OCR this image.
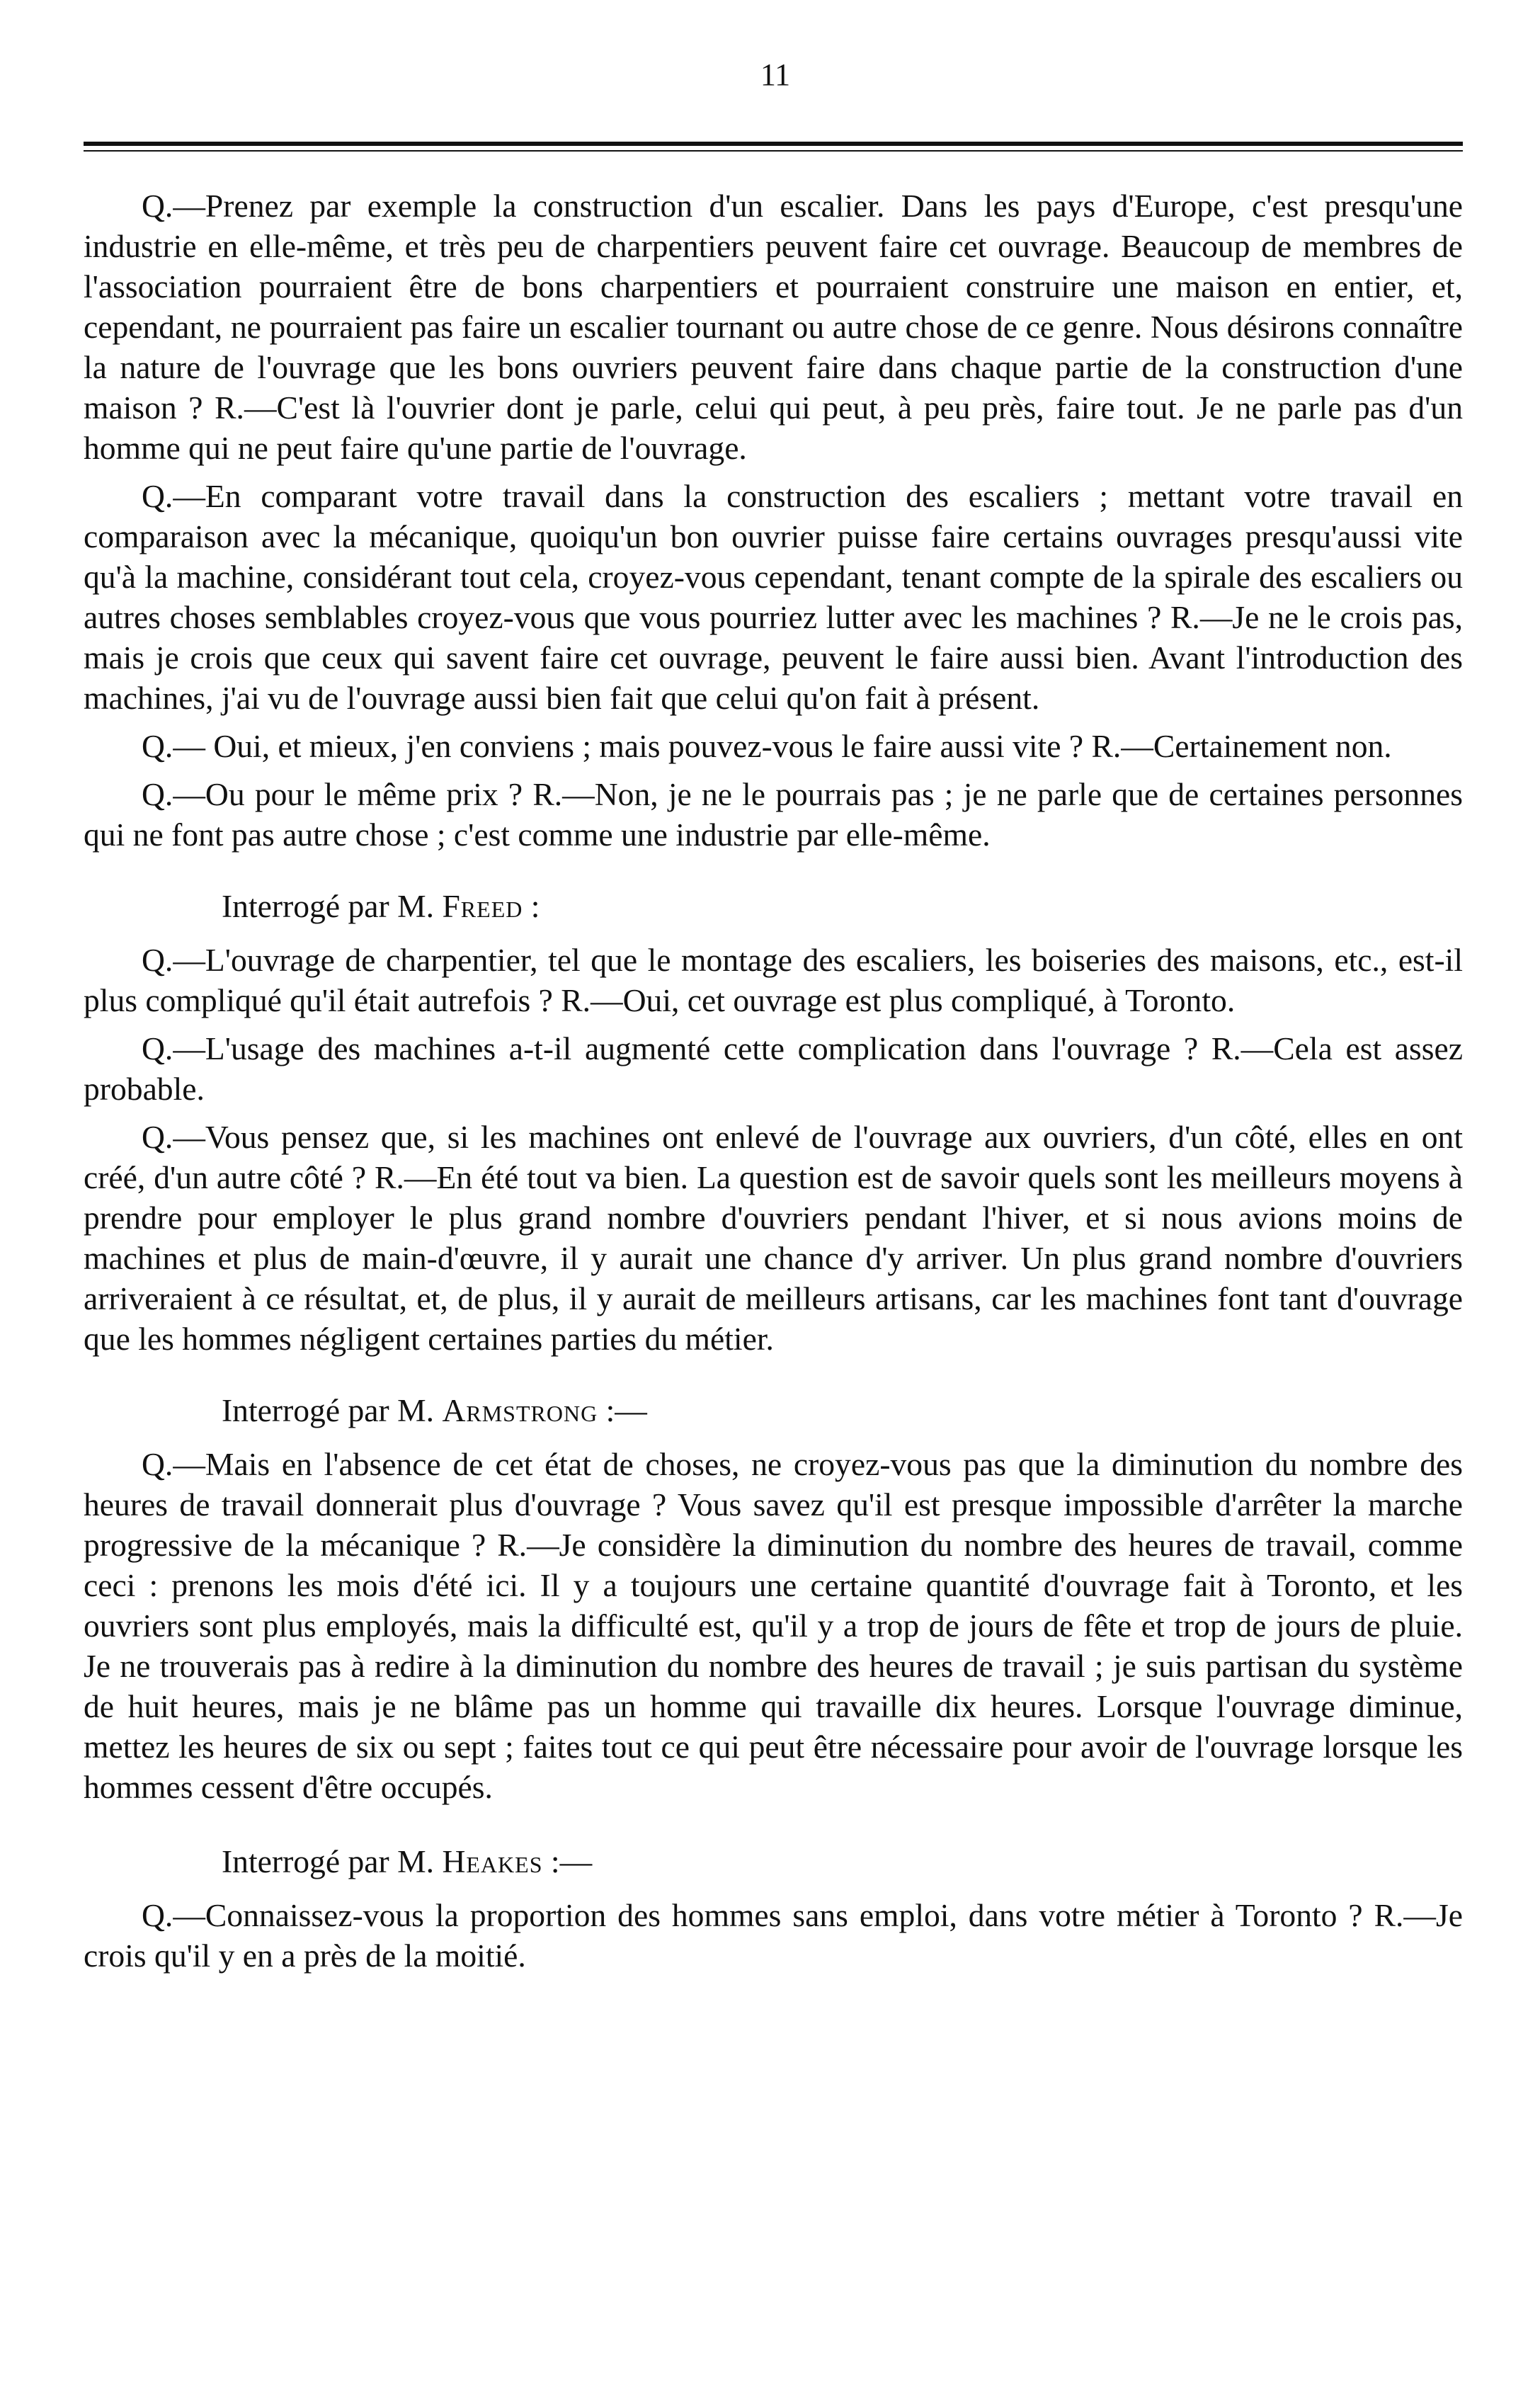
11

Q.—Prenez par exemple la construction d'un escalier. Dans les pays d'Europe, c'est presqu'une industrie en elle-même, et très peu de charpentiers peuvent faire cet ouvrage. Beaucoup de membres de l'association pourraient être de bons charpentiers et pourraient construire une maison en entier, et, cependant, ne pourraient pas faire un escalier tournant ou autre chose de ce genre. Nous désirons connaître la nature de l'ouvrage que les bons ouvriers peuvent faire dans chaque partie de la construction d'une maison ? R.—C'est là l'ouvrier dont je parle, celui qui peut, à peu près, faire tout. Je ne parle pas d'un homme qui ne peut faire qu'une partie de l'ouvrage.

Q.—En comparant votre travail dans la construction des escaliers ; mettant votre travail en comparaison avec la mécanique, quoiqu'un bon ouvrier puisse faire certains ouvrages presqu'aussi vite qu'à la machine, considérant tout cela, croyez-vous cependant, tenant compte de la spirale des escaliers ou autres choses semblables croyez-vous que vous pourriez lutter avec les machines ? R.—Je ne le crois pas, mais je crois que ceux qui savent faire cet ouvrage, peuvent le faire aussi bien. Avant l'introduction des machines, j'ai vu de l'ouvrage aussi bien fait que celui qu'on fait à présent.

Q.— Oui, et mieux, j'en conviens ; mais pouvez-vous le faire aussi vite ? R.—Certainement non.

Q.—Ou pour le même prix ? R.—Non, je ne le pourrais pas ; je ne parle que de certaines personnes qui ne font pas autre chose ; c'est comme une industrie par elle-même.

Interrogé par M. Freed :

Q.—L'ouvrage de charpentier, tel que le montage des escaliers, les boiseries des maisons, etc., est-il plus compliqué qu'il était autrefois ? R.—Oui, cet ouvrage est plus compliqué, à Toronto.

Q.—L'usage des machines a-t-il augmenté cette complication dans l'ouvrage ? R.—Cela est assez probable.

Q.—Vous pensez que, si les machines ont enlevé de l'ouvrage aux ouvriers, d'un côté, elles en ont créé, d'un autre côté ? R.—En été tout va bien. La question est de savoir quels sont les meilleurs moyens à prendre pour employer le plus grand nombre d'ouvriers pendant l'hiver, et si nous avions moins de machines et plus de main-d'œuvre, il y aurait une chance d'y arriver. Un plus grand nombre d'ouvriers arriveraient à ce résultat, et, de plus, il y aurait de meilleurs artisans, car les machines font tant d'ouvrage que les hommes négligent certaines parties du métier.

Interrogé par M. Armstrong :—

Q.—Mais en l'absence de cet état de choses, ne croyez-vous pas que la diminution du nombre des heures de travail donnerait plus d'ouvrage ? Vous savez qu'il est presque impossible d'arrêter la marche progressive de la mécanique ? R.—Je considère la diminution du nombre des heures de travail, comme ceci : prenons les mois d'été ici. Il y a toujours une certaine quantité d'ouvrage fait à Toronto, et les ouvriers sont plus employés, mais la difficulté est, qu'il y a trop de jours de fête et trop de jours de pluie. Je ne trouverais pas à redire à la diminution du nombre des heures de travail ; je suis partisan du système de huit heures, mais je ne blâme pas un homme qui travaille dix heures. Lorsque l'ouvrage diminue, mettez les heures de six ou sept ; faites tout ce qui peut être nécessaire pour avoir de l'ouvrage lorsque les hommes cessent d'être occupés.

Interrogé par M. Heakes :—

Q.—Connaissez-vous la proportion des hommes sans emploi, dans votre métier à Toronto ? R.—Je crois qu'il y en a près de la moitié.
